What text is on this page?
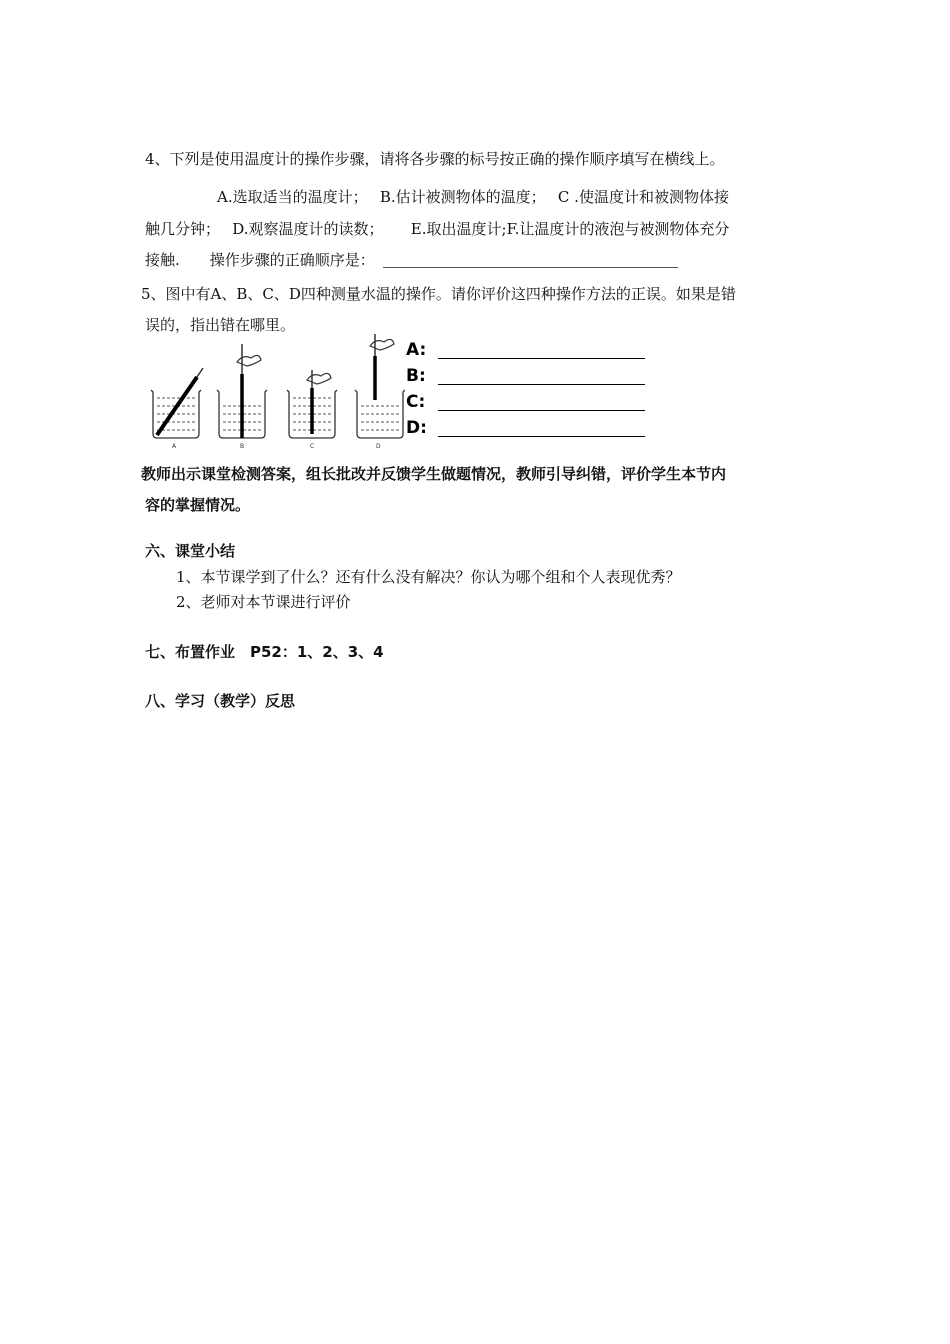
4、下列是使用温度计的操作步骤，请将各步骤的标号按正确的操作顺序填写在横线上。
A.选取适当的温度计；　 B.估计被测物体的温度；　 C .使温度计和被测物体接
触几分钟；　 D.观察温度计的读数；　　 E.取出温度计;F.让温度计的液泡与被测物体充分
接触.　　操作步骤的正确顺序是：
5、图中有A、B、C、D四种测量水温的操作。请你评价这四种操作方法的正误。如果是错
误的，指出错在哪里。
A	B	C	D
A:
B:
C:
D:
教师出示课堂检测答案，组长批改并反馈学生做题情况，教师引导纠错，评价学生本节内
容的掌握情况。
六、课堂小结
1、本节课学到了什么？还有什么没有解决？你认为哪个组和个人表现优秀？
2、老师对本节课进行评价
七、布置作业　P52：1、2、3、4
八、学习（教学）反思
